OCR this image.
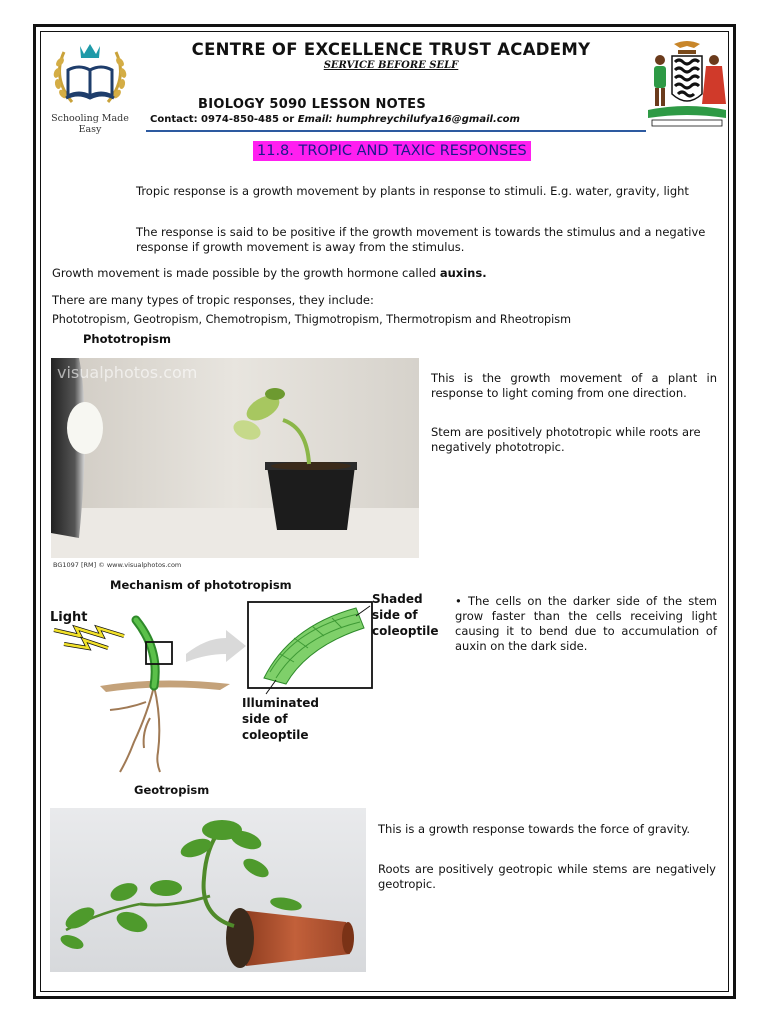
Schooling Made Easy
CENTRE OF EXCELLENCE TRUST ACADEMY
SERVICE BEFORE SELF
BIOLOGY 5090 LESSON NOTES
Contact: 0974-850-485 or Email: humphreychilufya16@gmail.com
11.8. TROPIC AND TAXIC RESPONSES
Tropic response is a growth movement by plants in response to stimuli. E.g. water, gravity, light
The response is said to be positive if the growth movement is towards the stimulus and a negative response if growth movement is away from the stimulus.
Growth movement is made possible by the growth hormone called auxins.
There are many types of tropic responses, they include:
Phototropism, Geotropism, Chemotropism, Thigmotropism, Thermotropism and Rheotropism
Phototropism
visualphotos.com
BG1097 [RM] © www.visualphotos.com
This is the growth movement of a plant in response to light coming from one direction.
Stem are positively phototropic while roots are negatively phototropic.
Mechanism of phototropism
Light
Shaded
side of
coleoptile
Illuminated
side of
coleoptile
• The cells on the darker side of the stem grow faster than the cells receiving light causing it to bend due to accumulation of auxin on the dark side.
Geotropism
This is a growth response towards the force of gravity.
Roots are positively geotropic while stems are negatively geotropic.
